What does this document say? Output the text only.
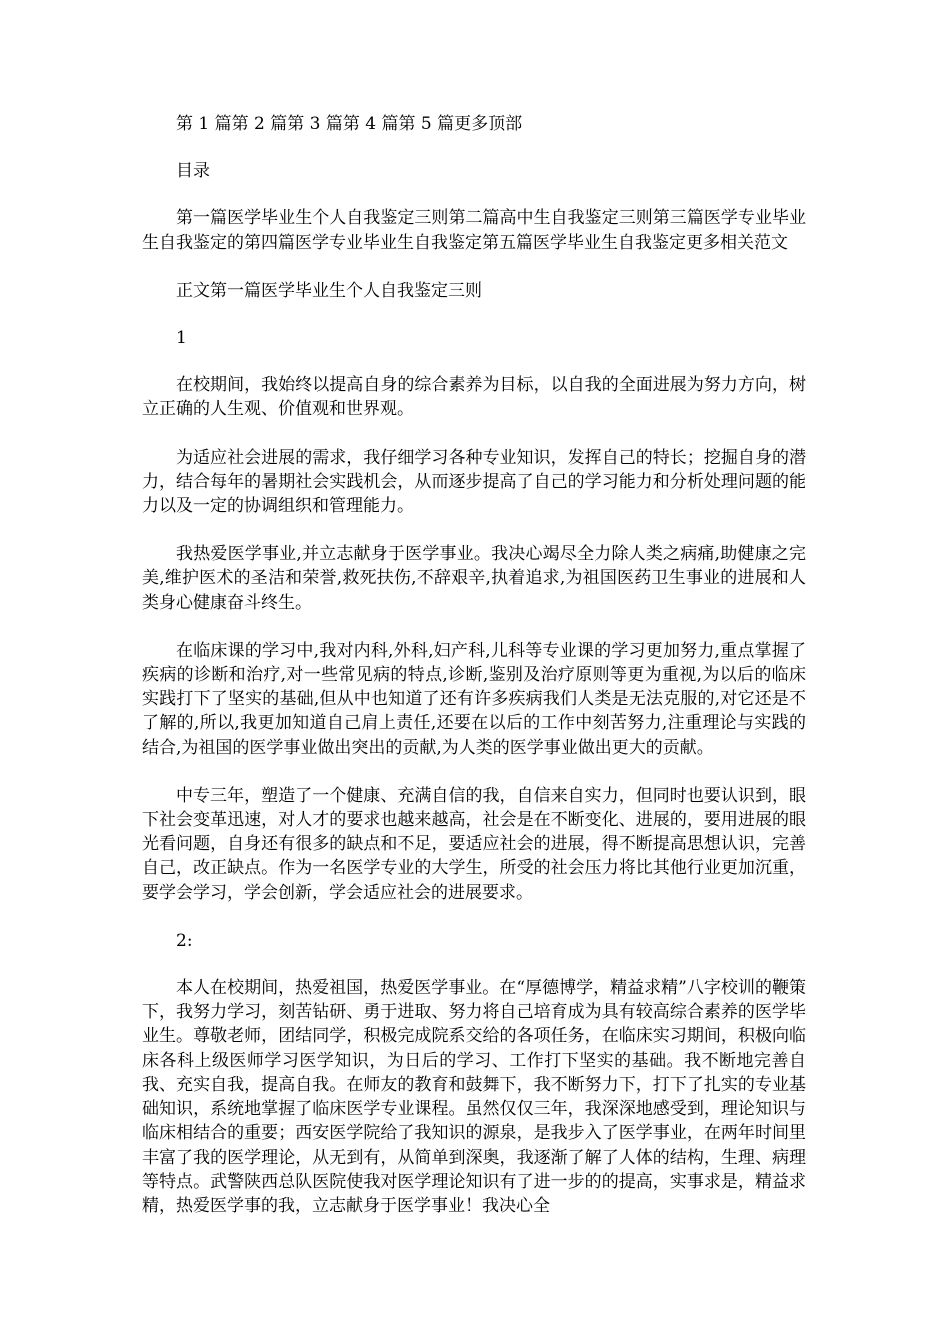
第 1 篇第 2 篇第 3 篇第 4 篇第 5 篇更多顶部

目录

第一篇医学毕业生个人自我鉴定三则第二篇高中生自我鉴定三则第三篇医学专业毕业生自我鉴定的第四篇医学专业毕业生自我鉴定第五篇医学毕业生自我鉴定更多相关范文

正文第一篇医学毕业生个人自我鉴定三则

1

在校期间，我始终以提高自身的综合素养为目标，以自我的全面进展为努力方向，树立正确的人生观、价值观和世界观。

为适应社会进展的需求，我仔细学习各种专业知识，发挥自己的特长；挖掘自身的潜力，结合每年的暑期社会实践机会，从而逐步提高了自己的学习能力和分析处理问题的能力以及一定的协调组织和管理能力。

我热爱医学事业,并立志献身于医学事业。我决心竭尽全力除人类之病痛,助健康之完美,维护医术的圣洁和荣誉,救死扶伤,不辞艰辛,执着追求,为祖国医药卫生事业的进展和人类身心健康奋斗终生。

在临床课的学习中,我对内科,外科,妇产科,儿科等专业课的学习更加努力,重点掌握了疾病的诊断和治疗,对一些常见病的特点,诊断,鉴别及治疗原则等更为重视,为以后的临床实践打下了坚实的基础,但从中也知道了还有许多疾病我们人类是无法克服的,对它还是不了解的,所以,我更加知道自己肩上责任,还要在以后的工作中刻苦努力,注重理论与实践的结合,为祖国的医学事业做出突出的贡献,为人类的医学事业做出更大的贡献。

中专三年，塑造了一个健康、充满自信的我，自信来自实力，但同时也要认识到，眼下社会变革迅速，对人才的要求也越来越高，社会是在不断变化、进展的，要用进展的眼光看问题，自身还有很多的缺点和不足，要适应社会的进展，得不断提高思想认识，完善自己，改正缺点。作为一名医学专业的大学生，所受的社会压力将比其他行业更加沉重，要学会学习，学会创新，学会适应社会的进展要求。

2:

本人在校期间，热爱祖国，热爱医学事业。在“厚德博学，精益求精”八字校训的鞭策下，我努力学习，刻苦钻研、勇于进取、努力将自己培育成为具有较高综合素养的医学毕业生。尊敬老师，团结同学，积极完成院系交给的各项任务，在临床实习期间，积极向临床各科上级医师学习医学知识，为日后的学习、工作打下坚实的基础。我不断地完善自我、充实自我，提高自我。在师友的教育和鼓舞下，我不断努力下，打下了扎实的专业基础知识，系统地掌握了临床医学专业课程。虽然仅仅三年，我深深地感受到，理论知识与临床相结合的重要；西安医学院给了我知识的源泉，是我步入了医学事业，在两年时间里丰富了我的医学理论，从无到有，从简单到深奥，我逐渐了解了人体的结构，生理、病理等特点。武警陕西总队医院使我对医学理论知识有了进一步的的提高，实事求是，精益求精，热爱医学事的我，立志献身于医学事业！我决心全
